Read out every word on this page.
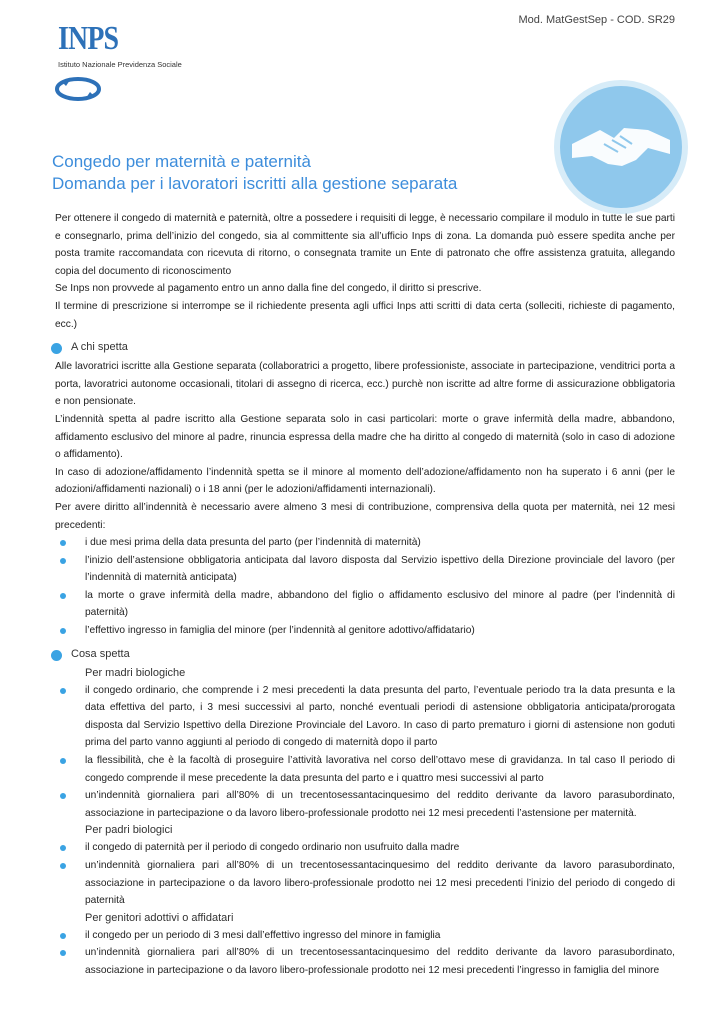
INPS
Istituto Nazionale Previdenza Sociale
Mod. MatGestSep - COD. SR29
Congedo per maternità e paternità
Domanda per i lavoratori iscritti alla gestione separata

Per ottenere il congedo di maternità e paternità, oltre a possedere i requisiti di legge, è necessario compilare il modulo in tutte le sue parti e consegnarlo, prima dell’inizio del congedo, sia al committente sia all’ufficio Inps di zona. La domanda può essere spedita anche per posta tramite raccomandata con ricevuta di ritorno, o consegnata tramite un Ente di patronato che offre assistenza gratuita, allegando copia del documento di riconoscimento

Se Inps non provvede al pagamento entro un anno dalla fine del congedo, il diritto si prescrive.

Il termine di prescrizione si interrompe se il richiedente presenta agli uffici Inps atti scritti di data certa (solleciti, richieste di pagamento, ecc.)

A chi spetta

Alle lavoratrici iscritte alla Gestione separata (collaboratrici a progetto, libere professioniste, associate in partecipazione, venditrici porta a porta, lavoratrici autonome occasionali, titolari di assegno di ricerca, ecc.) purchè non iscritte ad altre forme di assicurazione obbligatoria e non pensionate.

L’indennità spetta al padre iscritto alla Gestione separata solo in casi particolari: morte o grave infermità della madre, abbandono, affidamento esclusivo del minore al padre, rinuncia espressa della madre che ha diritto al congedo di maternità (solo in caso di adozione o affidamento).

In caso di adozione/affidamento l’indennità spetta se il minore al momento dell’adozione/affidamento non ha superato i 6 anni (per le adozioni/affidamenti nazionali) o i 18 anni (per le adozioni/affidamenti internazionali).

Per avere diritto all’indennità è necessario avere almeno 3 mesi di contribuzione, comprensiva della quota per maternità, nei 12 mesi precedenti:

i due mesi prima della data presunta del parto (per l’indennità di maternità)
l’inizio dell’astensione obbligatoria anticipata dal lavoro disposta dal Servizio ispettivo della Direzione provinciale del lavoro (per l’indennità di maternità anticipata)
la morte o grave infermità della madre, abbandono del figlio o affidamento esclusivo del minore al padre (per l’indennità di paternità)
l’effettivo ingresso in famiglia del minore (per l’indennità al genitore adottivo/affidatario)
Cosa spetta
Per madri biologiche
il congedo ordinario, che comprende i 2 mesi precedenti la data presunta del parto, l’eventuale periodo tra la data presunta e la data effettiva del parto, i 3 mesi successivi al parto, nonché eventuali periodi di astensione obbligatoria anticipata/prorogata disposta dal Servizio Ispettivo della Direzione Provinciale del Lavoro. In caso di parto prematuro i giorni di astensione non goduti prima del parto vanno aggiunti al periodo di congedo di maternità dopo il parto
la flessibilità, che è la facoltà di proseguire l’attività lavorativa nel corso dell’ottavo mese di gravidanza. In tal caso Il periodo di congedo comprende il mese precedente la data presunta del parto e i quattro mesi successivi al parto
un’indennità giornaliera pari all’80% di un trecentosessantacinquesimo del reddito derivante da lavoro parasubordinato, associazione in partecipazione o da lavoro libero-professionale prodotto nei 12 mesi precedenti l’astensione per maternità.
Per padri biologici
il congedo di paternità per il periodo di congedo ordinario non usufruito dalla madre
un’indennità giornaliera pari all’80% di un trecentosessantacinquesimo del reddito derivante da lavoro parasubordinato, associazione in partecipazione o da lavoro libero-professionale prodotto nei 12 mesi precedenti l’inizio del periodo di congedo di paternità
Per genitori adottivi o affidatari
il congedo per un periodo di 3 mesi dall’effettivo ingresso del minore in famiglia
un’indennità giornaliera pari all’80% di un trecentosessantacinquesimo del reddito derivante da lavoro parasubordinato, associazione in partecipazione o da lavoro libero-professionale prodotto nei 12 mesi precedenti l’ingresso in famiglia del minore
